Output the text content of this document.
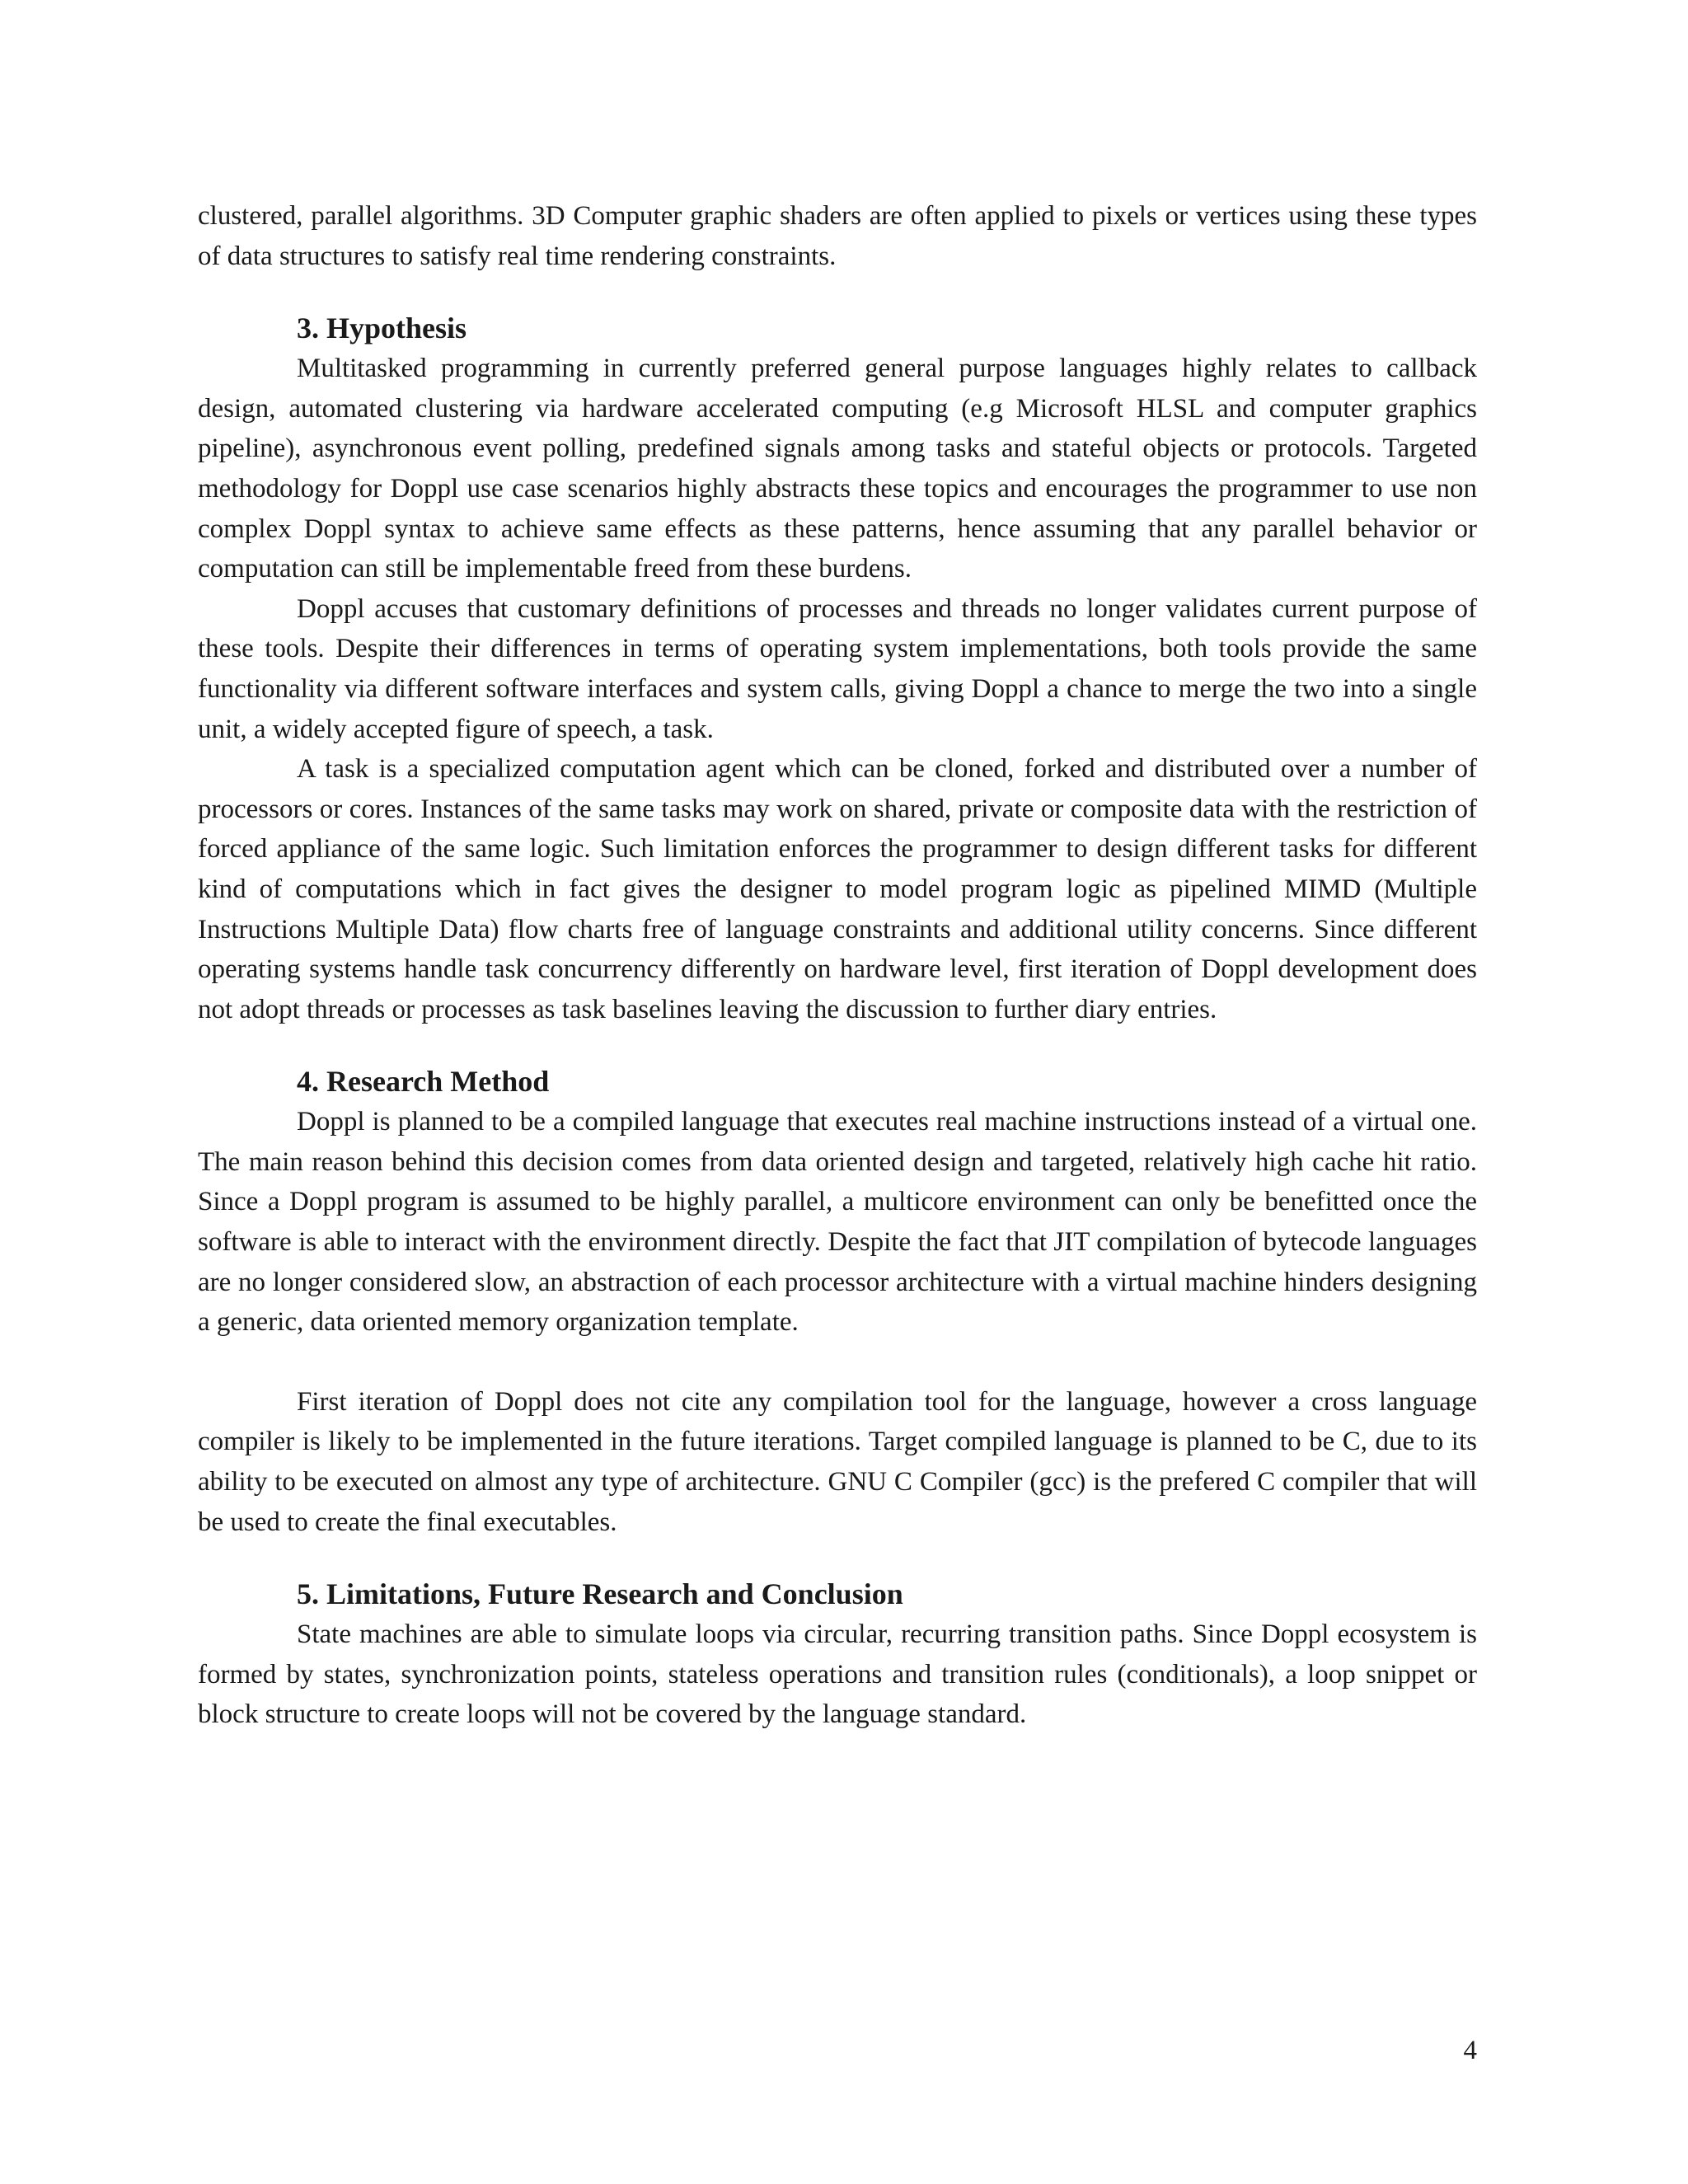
clustered, parallel algorithms. 3D Computer graphic shaders are often applied to pixels or vertices using these types of data structures to satisfy real time rendering constraints.

3. Hypothesis

Multitasked programming in currently preferred general purpose languages highly relates to callback design, automated clustering via hardware accelerated computing (e.g Microsoft HLSL and computer graphics pipeline), asynchronous event polling, predefined signals among tasks and stateful objects or protocols. Targeted methodology for Doppl use case scenarios highly abstracts these topics and encourages the programmer to use non complex Doppl syntax to achieve same effects as these patterns, hence assuming that any parallel behavior or computation can still be implementable freed from these burdens.

Doppl accuses that customary definitions of processes and threads no longer validates current purpose of these tools. Despite their differences in terms of operating system implementations, both tools provide the same functionality via different software interfaces and system calls, giving Doppl a chance to merge the two into a single unit, a widely accepted figure of speech, a task.

A task is a specialized computation agent which can be cloned, forked and distributed over a number of processors or cores. Instances of the same tasks may work on shared, private or composite data with the restriction of forced appliance of the same logic. Such limitation enforces the programmer to design different tasks for different kind of computations which in fact gives the designer to model program logic as pipelined MIMD (Multiple Instructions Multiple Data) flow charts free of language constraints and additional utility concerns. Since different operating systems handle task concurrency differently on hardware level, first iteration of Doppl development does not adopt threads or processes as task baselines leaving the discussion to further diary entries.

4. Research Method

Doppl is planned to be a compiled language that executes real machine instructions instead of a virtual one. The main reason behind this decision comes from data oriented design and targeted, relatively high cache hit ratio. Since a Doppl program is assumed to be highly parallel, a multicore environment can only be benefitted once the software is able to interact with the environment directly. Despite the fact that JIT compilation of bytecode languages are no longer considered slow, an abstraction of each processor architecture with a virtual machine hinders designing a generic, data oriented memory organization template.

First iteration of Doppl does not cite any compilation tool for the language, however a cross language compiler is likely to be implemented in the future iterations. Target compiled language is planned to be C, due to its ability to be executed on almost any type of architecture. GNU C Compiler (gcc) is the prefered C compiler that will be used to create the final executables.

5. Limitations, Future Research and Conclusion

State machines are able to simulate loops via circular, recurring transition paths. Since Doppl ecosystem is formed by states, synchronization points, stateless operations and transition rules (conditionals), a loop snippet or block structure to create loops will not be covered by the language standard.

4
